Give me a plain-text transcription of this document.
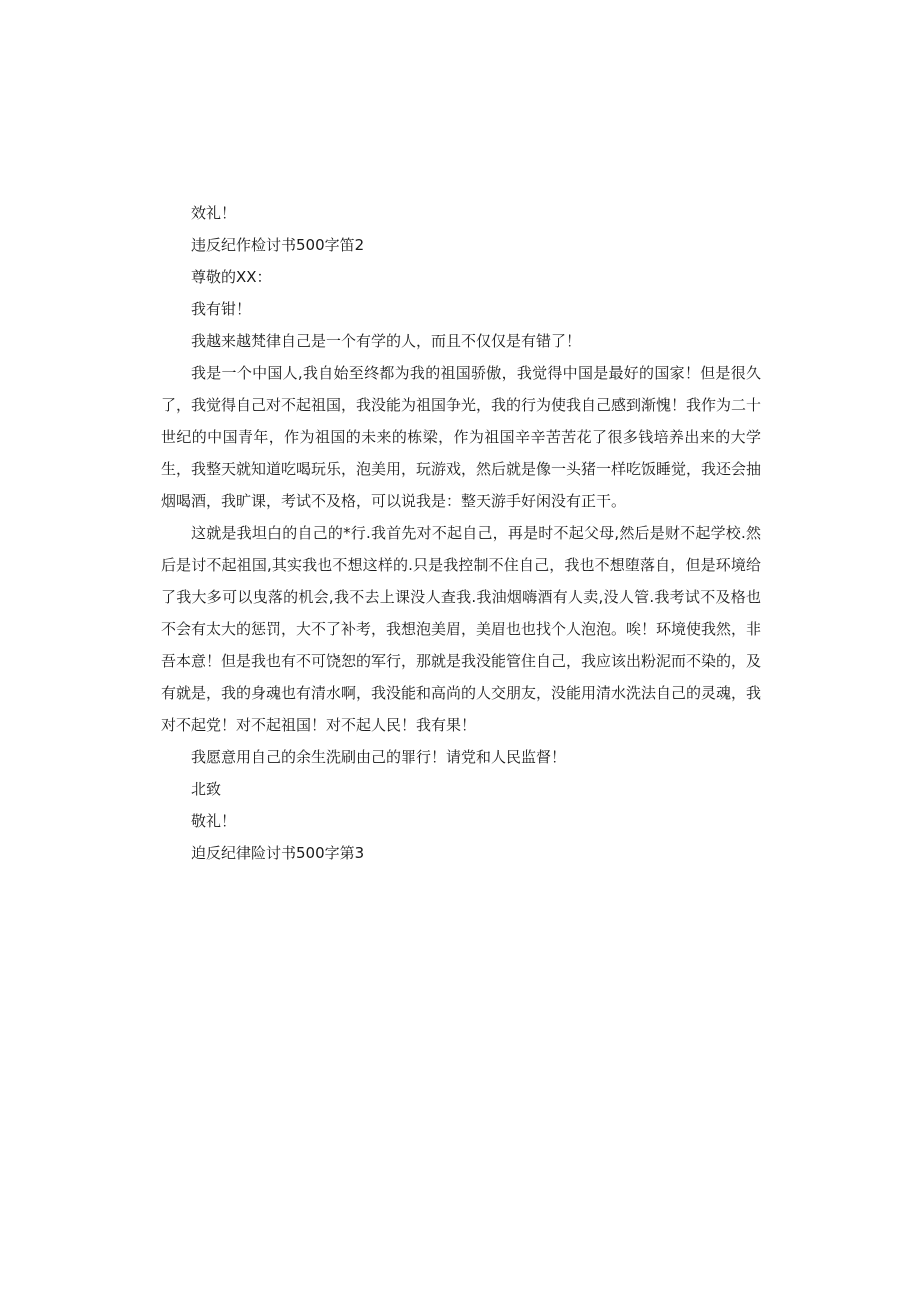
效礼！

违反纪作检讨书500字笛2

尊敬的XX：

我有钳！

我越来越梵律自己是一个有学的人，而且不仅仅是有错了！

我是一个中国人,我自始至终都为我的祖国骄傲，我觉得中国是最好的国家！但是很久了，我觉得自己对不起祖国，我没能为祖国争光，我的行为使我自己感到渐愧！我作为二十世纪的中国青年，作为祖国的未来的栋梁，作为祖国辛辛苦苦花了很多钱培养出来的大学生，我整天就知道吃喝玩乐，泡美用，玩游戏，然后就是像一头猪一样吃饭睡觉，我还会抽烟喝酒，我旷课，考试不及格，可以说我是：整天游手好闲没有正干。

这就是我坦白的自己的*行.我首先对不起自己，再是时不起父母,然后是财不起学校.然后是讨不起祖国,其实我也不想这样的.只是我控制不住自己，我也不想堕落自，但是环境给了我大多可以曳落的机会,我不去上课没人查我.我油烟嗨酒有人卖,没人管.我考试不及格也不会有太大的惩罚，大不了补考，我想泡美眉，美眉也也找个人泡泡。唉！环境使我然，非吾本意！但是我也有不可饶恕的军行，那就是我没能管住自己，我应该出粉泥而不染的，及有就是，我的身魂也有清水啊，我没能和高尚的人交朋友，没能用清水洗法自己的灵魂，我对不起党！对不起祖国！对不起人民！我有果！

我愿意用自己的余生洗刷由己的罪行！请党和人民监督！

北致

敬礼！

迫反纪律险讨书500字第3
